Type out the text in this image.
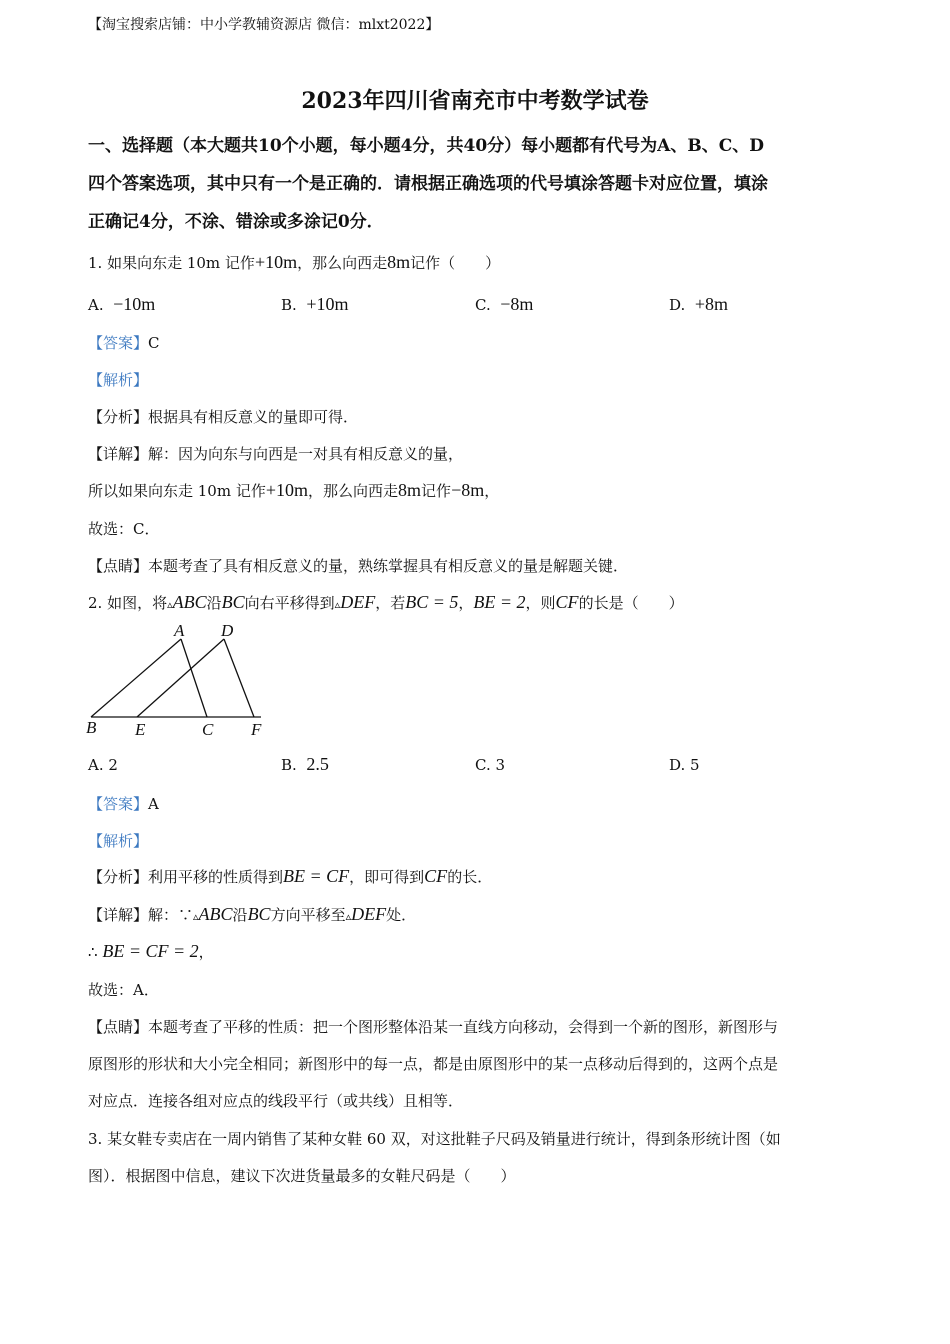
【淘宝搜索店铺：中小学教辅资源店 微信：mlxt2022】
2023年四川省南充市中考数学试卷
一、选择题（本大题共10个小题，每小题4分，共40分）每小题都有代号为A、B、C、D
四个答案选项，其中只有一个是正确的．请根据正确选项的代号填涂答题卡对应位置，填涂
正确记4分，不涂、错涂或多涂记0分．
1. 如果向东走 10m 记作+10m，那么向西走8m记作（　　）
A. −10m	B. +10m	C. −8m	D. +8m
【答案】C
【解析】
【分析】根据具有相反意义的量即可得．
【详解】解：因为向东与向西是一对具有相反意义的量，
所以如果向东走 10m 记作+10m，那么向西走8m记作−8m，
故选：C．
【点睛】本题考查了具有相反意义的量，熟练掌握具有相反意义的量是解题关键．
2. 如图，将▵ABC沿BC向右平移得到▵DEF，若BC = 5，BE = 2，则CF的长是（　　）
A D
B E	C F
A. 2	B. 2.5	C. 3	D. 5
【答案】A
【解析】
【分析】利用平移的性质得到BE = CF，即可得到CF的长．
【详解】解：∵▵ABC沿BC方向平移至▵DEF处．
∴ BE = CF = 2，
故选：A．
【点睛】本题考查了平移的性质：把一个图形整体沿某一直线方向移动，会得到一个新的图形，新图形与
原图形的形状和大小完全相同；新图形中的每一点，都是由原图形中的某一点移动后得到的，这两个点是
对应点．连接各组对应点的线段平行（或共线）且相等．
3. 某女鞋专卖店在一周内销售了某种女鞋 60 双，对这批鞋子尺码及销量进行统计，得到条形统计图（如
图）．根据图中信息，建议下次进货量最多的女鞋尺码是（　　）
